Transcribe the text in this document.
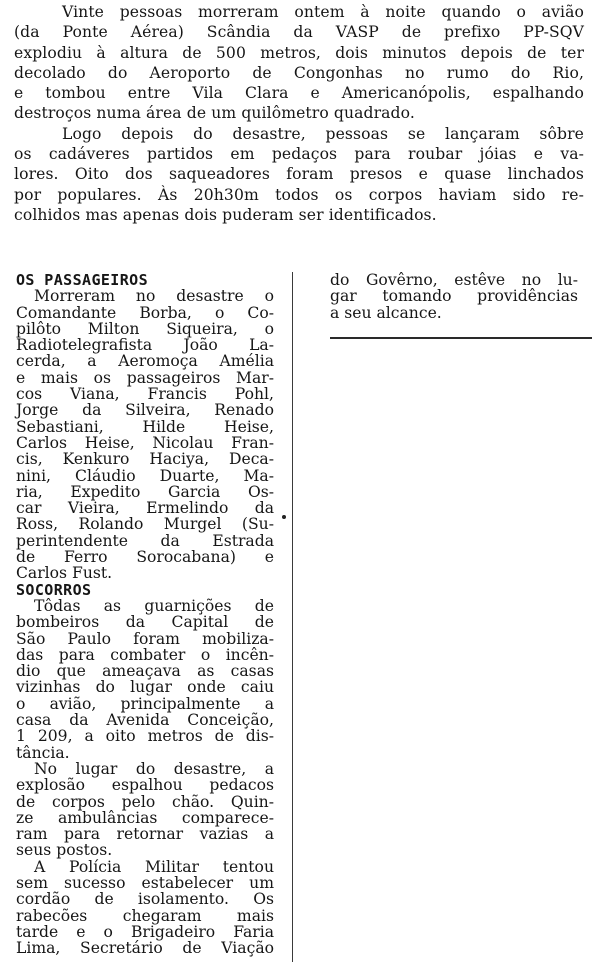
Vinte pessoas morreram ontem à noite quando o avião
(da Ponte Aérea) Scândia da VASP de prefixo PP-SQV
explodiu à altura de 500 metros, dois minutos depois de ter
decolado do Aeroporto de Congonhas no rumo do Rio,
e tombou entre Vila Clara e Americanópolis, espalhando
destroços numa área de um quilômetro quadrado.
Logo depois do desastre, pessoas se lançaram sôbre
os cadáveres partidos em pedaços para roubar jóias e va-
lores. Oito dos saqueadores foram presos e quase linchados
por populares. Às 20h30m todos os corpos haviam sido re-
colhidos mas apenas dois puderam ser identificados.
OS PASSAGEIROS
Morreram no desastre o
Comandante Borba, o Co-
pilôto Milton Siqueira, o
Radiotelegrafista João La-
cerda, a Aeromoça Amélia
e mais os passageiros Mar-
cos Viana, Francis Pohl,
Jorge da Silveira, Renado
Sebastiani, Hilde Heise,
Carlos Heise, Nicolau Fran-
cis, Kenkuro Haciya, Deca-
nini, Cláudio Duarte, Ma-
ria, Expedito Garcia Os-
car Vieira, Ermelindo da
Ross, Rolando Murgel (Su-
perintendente da Estrada
de Ferro Sorocabana) e
Carlos Fust.
SOCORROS
Tôdas as guarnições de
bombeiros da Capital de
São Paulo foram mobiliza-
das para combater o incên-
dio que ameaçava as casas
vizinhas do lugar onde caiu
o avião, principalmente a
casa da Avenida Conceição,
1 209, a oito metros de dis-
tância.
No lugar do desastre, a
explosão espalhou pedacos
de corpos pelo chão. Quin-
ze ambulâncias comparece-
ram para retornar vazias a
seus postos.
A Polícia Militar tentou
sem sucesso estabelecer um
cordão de isolamento. Os
rabecões chegaram mais
tarde e o Brigadeiro Faria
Lima, Secretário de Viação
do Govêrno, estêve no lu-
gar tomando providências
a seu alcance.
